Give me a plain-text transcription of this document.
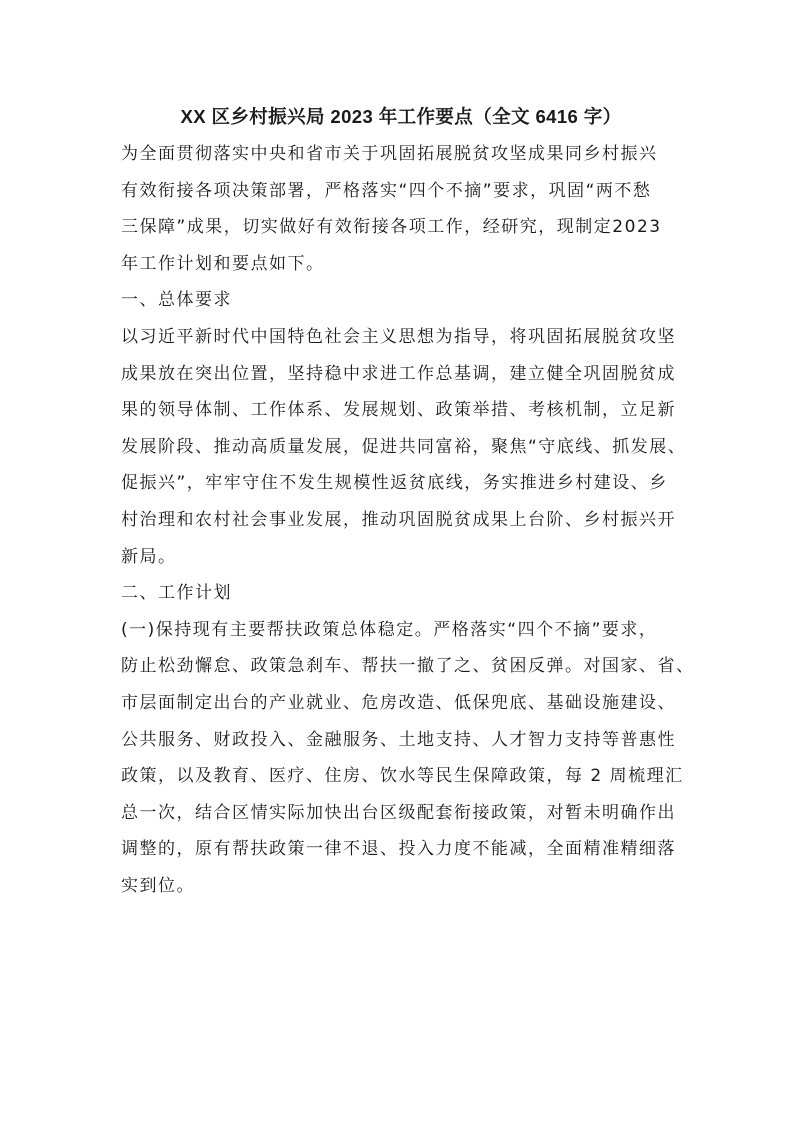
XX 区乡村振兴局 2023 年工作要点（全文 6416 字）

为全面贯彻落实中央和省市关于巩固拓展脱贫攻坚成果同乡村振兴
有效衔接各项决策部署，严格落实“四个不摘”要求，巩固“两不愁
三保障”成果，切实做好有效衔接各项工作，经研究，现制定2023
年工作计划和要点如下。

一、总体要求

以习近平新时代中国特色社会主义思想为指导，将巩固拓展脱贫攻坚
成果放在突出位置，坚持稳中求进工作总基调，建立健全巩固脱贫成
果的领导体制、工作体系、发展规划、政策举措、考核机制，立足新
发展阶段、推动高质量发展，促进共同富裕，聚焦“守底线、抓发展、
促振兴”，牢牢守住不发生规模性返贫底线，务实推进乡村建设、乡
村治理和农村社会事业发展，推动巩固脱贫成果上台阶、乡村振兴开
新局。

二、工作计划

(一)保持现有主要帮扶政策总体稳定。严格落实“四个不摘”要求，
防止松劲懈怠、政策急刹车、帮扶一撤了之、贫困反弹。对国家、省、
市层面制定出台的产业就业、危房改造、低保兜底、基础设施建设、
公共服务、财政投入、金融服务、土地支持、人才智力支持等普惠性
政策，以及教育、医疗、住房、饮水等民生保障政策，每 2 周梳理汇
总一次，结合区情实际加快出台区级配套衔接政策，对暂未明确作出
调整的，原有帮扶政策一律不退、投入力度不能减，全面精准精细落
实到位。
